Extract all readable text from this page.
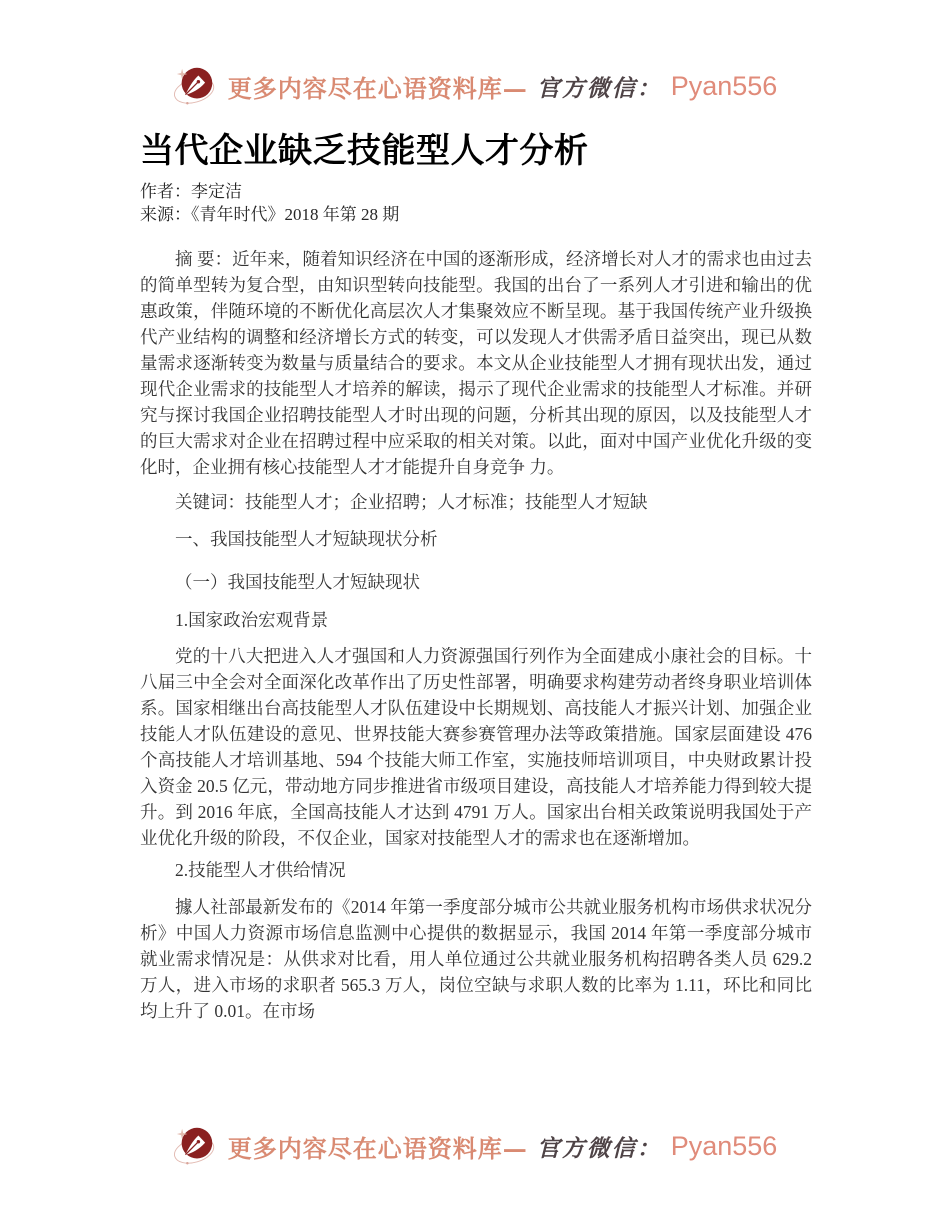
更多内容尽在心语资料库— 官方微信： Pyan556
当代企业缺乏技能型人才分析
作者：李定洁
来源：《青年时代》2018 年第 28 期

摘 要：近年来，随着知识经济在中国的逐渐形成，经济增长对人才的需求也由过去的简单型转为复合型，由知识型转向技能型。我国的出台了一系列人才引进和输出的优惠政策，伴随环境的不断优化高层次人才集聚效应不断呈现。基于我国传统产业升级换代产业结构的调整和经济增长方式的转变，可以发现人才供需矛盾日益突出，现已从数量需求逐渐转变为数量与质量结合的要求。本文从企业技能型人才拥有现状出发，通过现代企业需求的技能型人才培养的解读，揭示了现代企业需求的技能型人才标准。并研究与探讨我国企业招聘技能型人才时出现的问题，分析其出现的原因，以及技能型人才的巨大需求对企业在招聘过程中应采取的相关对策。以此，面对中国产业优化升级的变化时，企业拥有核心技能型人才才能提升自身竞争 力。

关键词：技能型人才；企业招聘；人才标准；技能型人才短缺

一、我国技能型人才短缺现状分析

（一）我国技能型人才短缺现状

1.国家政治宏观背景

党的十八大把进入人才强国和人力资源强国行列作为全面建成小康社会的目标。十八届三中全会对全面深化改革作出了历史性部署，明确要求构建劳动者终身职业培训体系。国家相继出台高技能型人才队伍建设中长期规划、高技能人才振兴计划、加强企业技能人才队伍建设的意见、世界技能大赛参赛管理办法等政策措施。国家层面建设 476 个高技能人才培训基地、594 个技能大师工作室，实施技师培训项目，中央财政累计投入资金 20.5 亿元，带动地方同步推进省市级项目建设，高技能人才培养能力得到较大提升。到 2016 年底，全国高技能人才达到 4791 万人。国家出台相关政策说明我国处于产业优化升级的阶段，不仅企业，国家对技能型人才的需求也在逐渐增加。

2.技能型人才供给情况

據人社部最新发布的《2014 年第一季度部分城市公共就业服务机构市场供求状况分析》中国人力资源市场信息监测中心提供的数据显示，我国 2014 年第一季度部分城市就业需求情况是：从供求对比看，用人单位通过公共就业服务机构招聘各类人员 629.2 万人，进入市场的求职者 565.3 万人，岗位空缺与求职人数的比率为 1.11，环比和同比均上升了 0.01。在市场

更多内容尽在心语资料库— 官方微信： Pyan556
